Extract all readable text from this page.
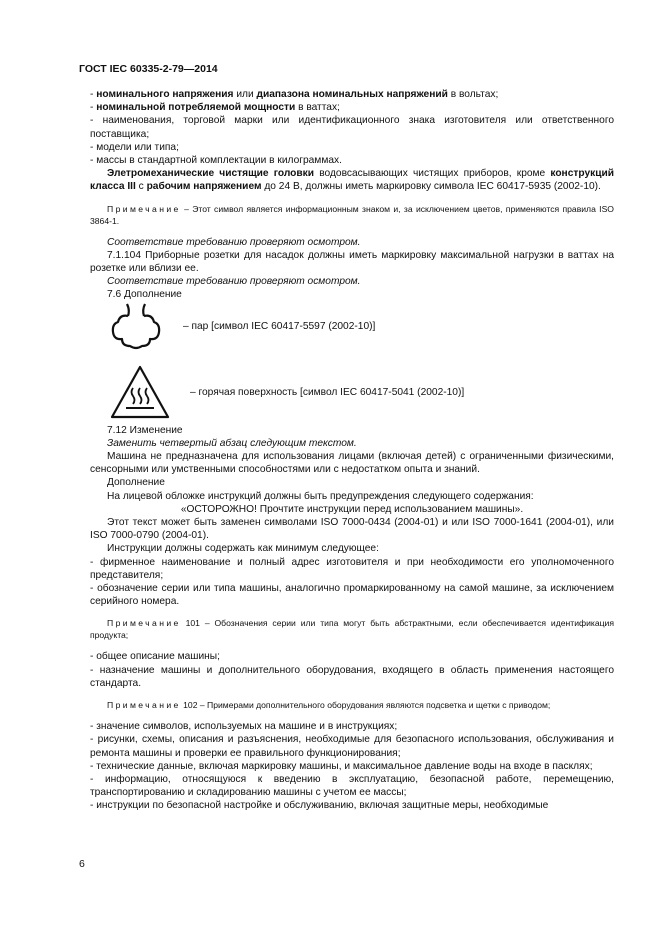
ГОСТ IEC 60335-2-79—2014

- номинального напряжения или диапазона номинальных напряжений в вольтах;

- номинальной потребляемой мощности в ваттах;

- наименования, торговой марки или идентификационного знака изготовителя или ответственного поставщика;

- модели или типа;

- массы в стандартной комплектации в килограммах.

Элетромеханические чистящие головки водовсасывающих чистящих приборов, кроме конструкций класса III с рабочим напряжением до 24 В, должны иметь маркировку символа IEC 60417-5935 (2002-10).

Примечание – Этот символ является информационным знаком и, за исключением цветов, применяются правила ISO 3864-1.

Соответствие требованию проверяют осмотром.

7.1.104 Приборные розетки для насадок должны иметь маркировку максимальной нагрузки в ваттах на розетке или вблизи ее.

Соответствие требованию проверяют осмотром.

7.6 Дополнение

– пар [символ IEC 60417-5597 (2002-10)]
– горячая поверхность [символ IEC 60417-5041 (2002-10)]

7.12 Изменение

Заменить четвертый абзац следующим текстом.

Машина не предназначена для использования лицами (включая детей) с ограниченными физическими, сенсорными или умственными способностями или с недостатком опыта и знаний.

Дополнение

На лицевой обложке инструкций должны быть предупреждения следующего содержания:

«ОСТОРОЖНО! Прочтите инструкции перед использованием машины».

Этот текст может быть заменен символами ISO 7000-0434 (2004-01) и или ISO 7000-1641 (2004-01), или ISO 7000-0790 (2004-01).

Инструкции должны содержать как минимум следующее:

- фирменное наименование и полный адрес изготовителя и при необходимости его уполномоченного представителя;

- обозначение серии или типа машины, аналогично промаркированному на самой машине, за исключением серийного номера.

Примечание 101 – Обозначения серии или типа могут быть абстрактными, если обеспечивается идентификация продукта;

- общее описание машины;

- назначение машины и дополнительного оборудования, входящего в область применения настоящего стандарта.

Примечание 102 – Примерами дополнительного оборудования являются подсветка и щетки с приводом;

- значение символов, используемых на машине и в инструкциях;

- рисунки, схемы, описания и разъяснения, необходимые для безопасного использования, обслуживания и ремонта машины и проверки ее правильного функционирования;

- технические данные, включая маркировку машины, и максимальное давление воды на входе в пасклях;

- информацию, относящуюся к введению в эксплуатацию, безопасной работе, перемещению, транспортированию и складированию машины с учетом ее массы;

- инструкции по безопасной настройке и обслуживанию, включая защитные меры, необходимые

6
